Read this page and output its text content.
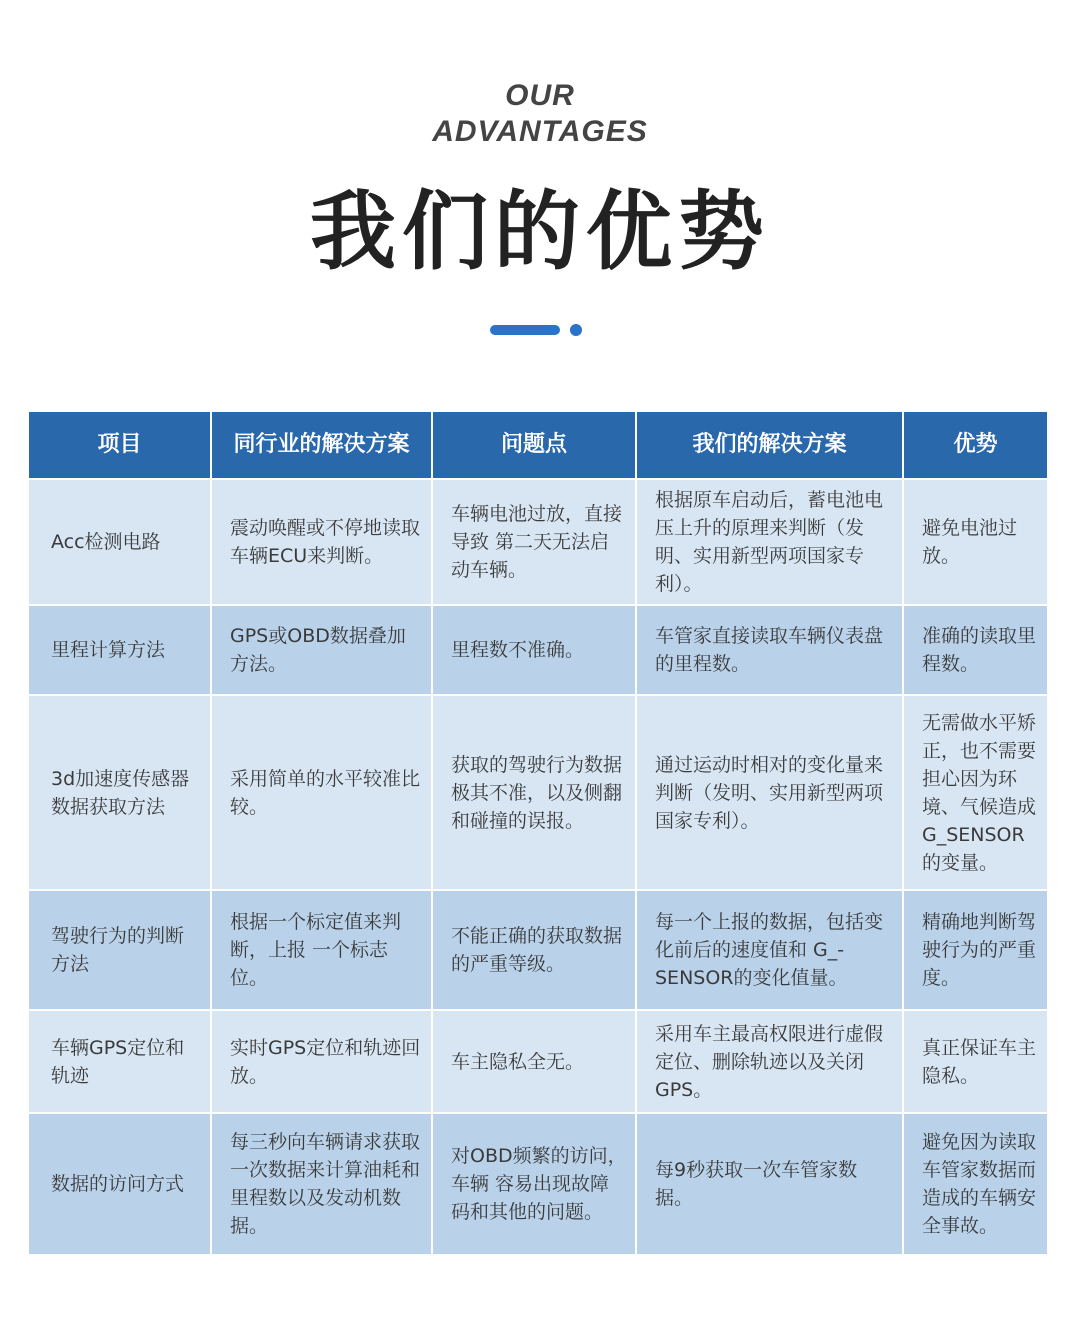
OUR
ADVANTAGES
我们的优势
项目	同行业的解决方案	问题点	我们的解决方案	优势
Acc检测电路	震动唤醒或不停地读取车辆ECU来判断。	车辆电池过放，直接导致 第二天无法启动车辆。	根据原车启动后，蓄电池电压上升的原理来判断（发明、实用新型两项国家专利）。	避免电池过放。
里程计算方法	GPS或OBD数据叠加方法。	里程数不准确。	车管家直接读取车辆仪表盘的里程数。	准确的读取里程数。
3d加速度传感器数据获取方法	采用简单的水平较准比较。	获取的驾驶行为数据极其不准，以及侧翻和碰撞的误报。	通过运动时相对的变化量来判断（发明、实用新型两项国家专利）。	无需做水平矫正，也不需要担心因为环境、气候造成G_SENSOR的变量。
驾驶行为的判断方法	根据一个标定值来判断，上报 一个标志位。	不能正确的获取数据的严重等级。	每一个上报的数据，包括变化前后的速度值和 G_-SENSOR的变化值量。	精确地判断驾驶行为的严重度。
车辆GPS定位和轨迹	实时GPS定位和轨迹回放。	车主隐私全无。	采用车主最高权限进行虚假定位、删除轨迹以及关闭GPS。	真正保证车主隐私。
数据的访问方式	每三秒向车辆请求获取一次数据来计算油耗和里程数以及发动机数据。	对OBD频繁的访问，车辆 容易出现故障码和其他的问题。	每9秒获取一次车管家数据。	避免因为读取车管家数据而造成的车辆安全事故。
